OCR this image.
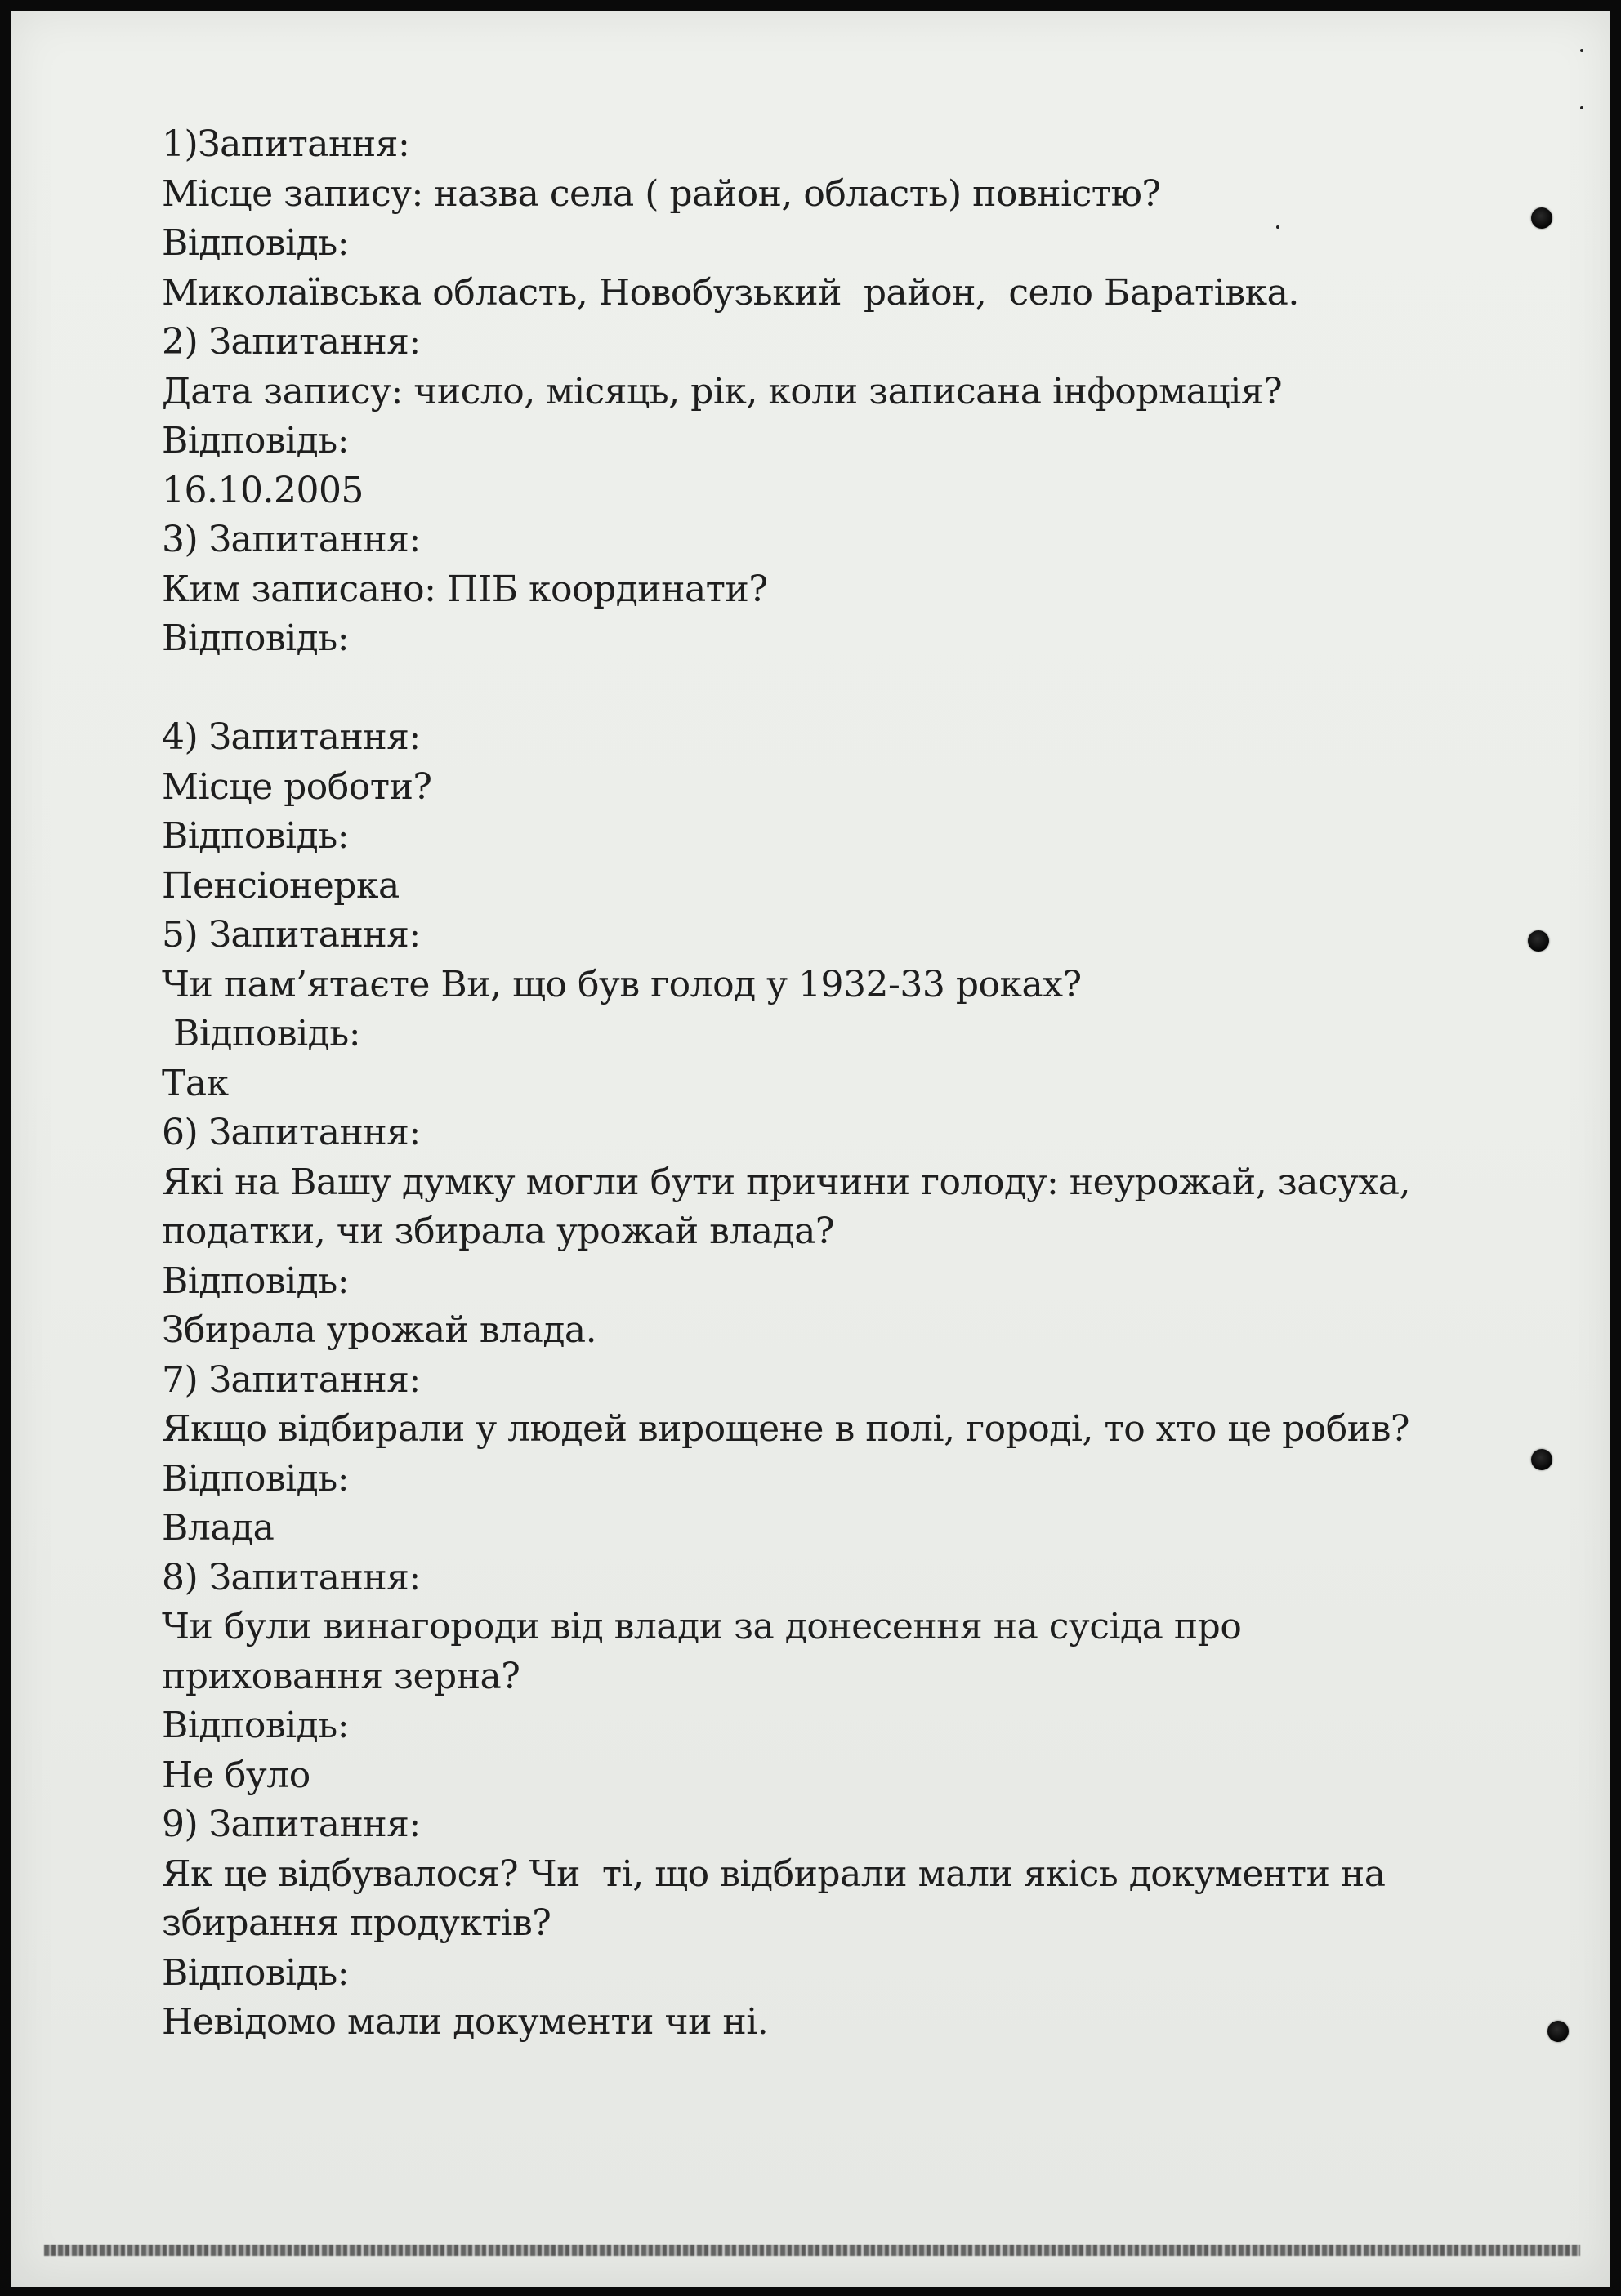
1)Запитання:
Місце запису: назва села ( район, область) повністю?
Відповідь:
Миколаївська область, Новобузький  район,  село Баратівка.
2) Запитання:
Дата запису: число, місяць, рік, коли записана інформація?
Відповідь:
16.10.2005
3) Запитання:
Ким записано: ПІБ координати?
Відповідь:
4) Запитання:
Місце роботи?
Відповідь:
Пенсіонерка
5) Запитання:
Чи пам’ятаєте Ви, що був голод у 1932-33 роках?
Відповідь:
Так
6) Запитання:
Які на Вашу думку могли бути причини голоду: неурожай, засуха,
податки, чи збирала урожай влада?
Відповідь:
Збирала урожай влада.
7) Запитання:
Якщо відбирали у людей вирощене в полі, городі, то хто це робив?
Відповідь:
Влада
8) Запитання:
Чи були винагороди від влади за донесення на сусіда про
приховання зерна?
Відповідь:
Не було
9) Запитання:
Як це відбувалося? Чи  ті, що відбирали мали якісь документи на
збирання продуктів?
Відповідь:
Невідомо мали документи чи ні.
